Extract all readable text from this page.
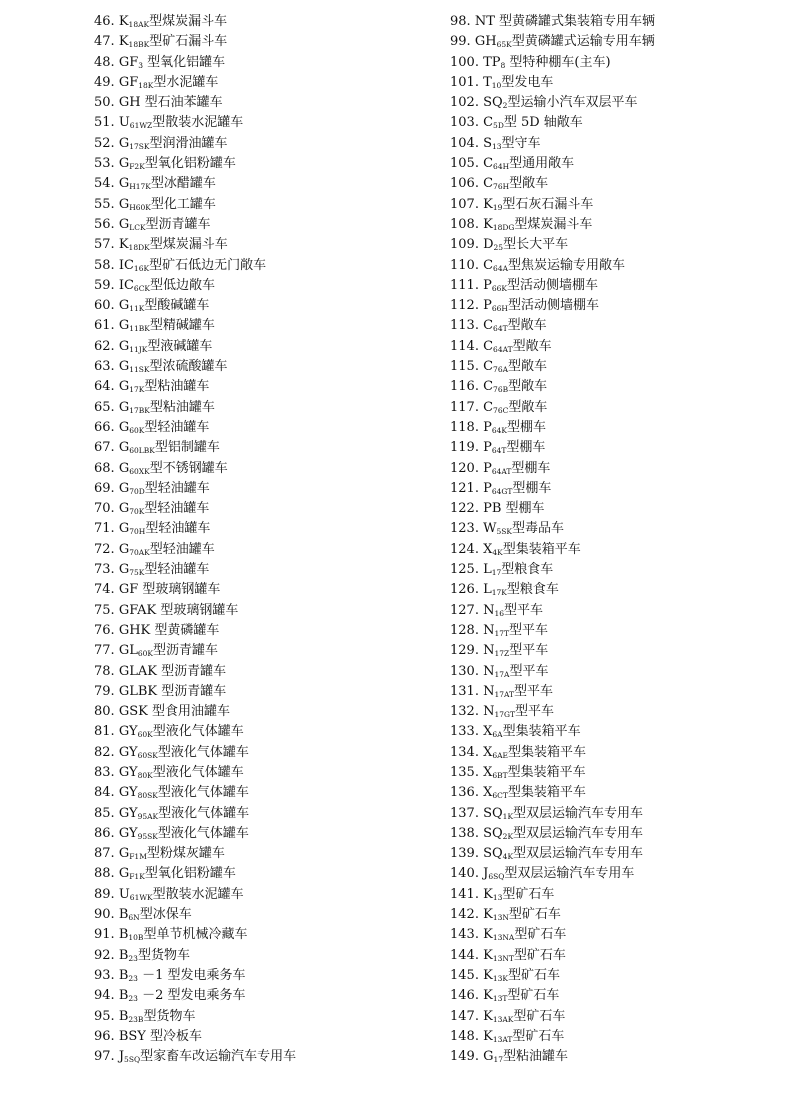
46. $K_{18AK}$型煤炭漏斗车
47. $K_{18BK}$型矿石漏斗车
48. $GF_3$ 型氧化铝罐车
49. $GF_{18K}$型水泥罐车
50. GH 型石油苯罐车
51. $U_{61WZ}$型散装水泥罐车
52. $G_{17SK}$型润滑油罐车
53. $G_{F2K}$型氧化铝粉罐车
54. $G_{H17K}$型冰醋罐车
55. $G_{H60K}$型化工罐车
56. $G_{LCK}$型沥青罐车
57. $K_{18DK}$型煤炭漏斗车
58. $IC_{16K}$型矿石低边无门敞车
59. $IC_{6CK}$型低边敞车
60. $G_{11K}$型酸碱罐车
61. $G_{11BK}$型精碱罐车
62. $G_{11JK}$型液碱罐车
63. $G_{11SK}$型浓硫酸罐车
64. $G_{17K}$型粘油罐车
65. $G_{17BK}$型粘油罐车
66. $G_{60K}$型轻油罐车
67. $G_{60LBK}$型铝制罐车
68. $G_{60XK}$型不锈钢罐车
69. $G_{70D}$型轻油罐车
70. $G_{70K}$型轻油罐车
71. $G_{70H}$型轻油罐车
72. $G_{70AK}$型轻油罐车
73. $G_{75K}$型轻油罐车
74. GF 型玻璃钢罐车
75. GFAK 型玻璃钢罐车
76. GHK 型黄磷罐车
77. $GL_{60K}$型沥青罐车
78. GLAK 型沥青罐车
79. GLBK 型沥青罐车
80. GSK 型食用油罐车
81. $GY_{60K}$型液化气体罐车
82. $GY_{60SK}$型液化气体罐车
83. $GY_{80K}$型液化气体罐车
84. $GY_{80SK}$型液化气体罐车
85. $GY_{95AK}$型液化气体罐车
86. $GY_{95SK}$型液化气体罐车
87. $G_{F1M}$型粉煤灰罐车
88. $G_{F1K}$型氧化铝粉罐车
89. $U_{61WK}$型散装水泥罐车
90. $B_{6N}$型冰保车
91. $B_{10B}$型单节机械冷藏车
92. $B_{23}$型货物车
93. $B_{23} -1$ 型发电乘务车
94. $B_{23} -2$ 型发电乘务车
95. $B_{23B}$型货物车
96. BSY 型冷板车
97. $J_{5SQ}$型家畜车改运输汽车专用车
98. NT 型黄磷罐式集装箱专用车辆
99. $GH_{65K}$型黄磷罐式运输专用车辆
100. $TP_8$ 型特种棚车(主车)
101. $T_{10}$型发电车
102. $SQ_2$型运输小汽车双层平车
103. $C_{5D}$型 5D 轴敞车
104. $S_{13}$型守车
105. $C_{64H}$型通用敞车
106. $C_{76H}$型敞车
107. $K_{19}$型石灰石漏斗车
108. $K_{18DG}$型煤炭漏斗车
109. $D_{25}$型长大平车
110. $C_{64A}$型焦炭运输专用敞车
111. $P_{66K}$型活动侧墙棚车
112. $P_{66H}$型活动侧墙棚车
113. $C_{64T}$型敞车
114. $C_{64AT}$型敞车
115. $C_{76A}$型敞车
116. $C_{76B}$型敞车
117. $C_{76C}$型敞车
118. $P_{64K}$型棚车
119. $P_{64T}$型棚车
120. $P_{64AT}$型棚车
121. $P_{64GT}$型棚车
122. PB 型棚车
123. $W_{5SK}$型毒品车
124. $X_{4K}$型集装箱平车
125. $L_{17}$型粮食车
126. $L_{17K}$型粮食车
127. $N_{16}$型平车
128. $N_{17T}$型平车
129. $N_{17Z}$型平车
130. $N_{17A}$型平车
131. $N_{17AT}$型平车
132. $N_{17GT}$型平车
133. $X_{6A}$型集装箱平车
134. $X_{6AE}$型集装箱平车
135. $X_{6BT}$型集装箱平车
136. $X_{6CT}$型集装箱平车
137. $SQ_{1K}$型双层运输汽车专用车
138. $SQ_{2K}$型双层运输汽车专用车
139. $SQ_{4K}$型双层运输汽车专用车
140. $J_{6SQ}$型双层运输汽车专用车
141. $K_{13}$型矿石车
142. $K_{13N}$型矿石车
143. $K_{13NA}$型矿石车
144. $K_{13NT}$型矿石车
145. $K_{13K}$型矿石车
146. $K_{13T}$型矿石车
147. $K_{13AK}$型矿石车
148. $K_{13AT}$型矿石车
149. $G_{17}$型粘油罐车
